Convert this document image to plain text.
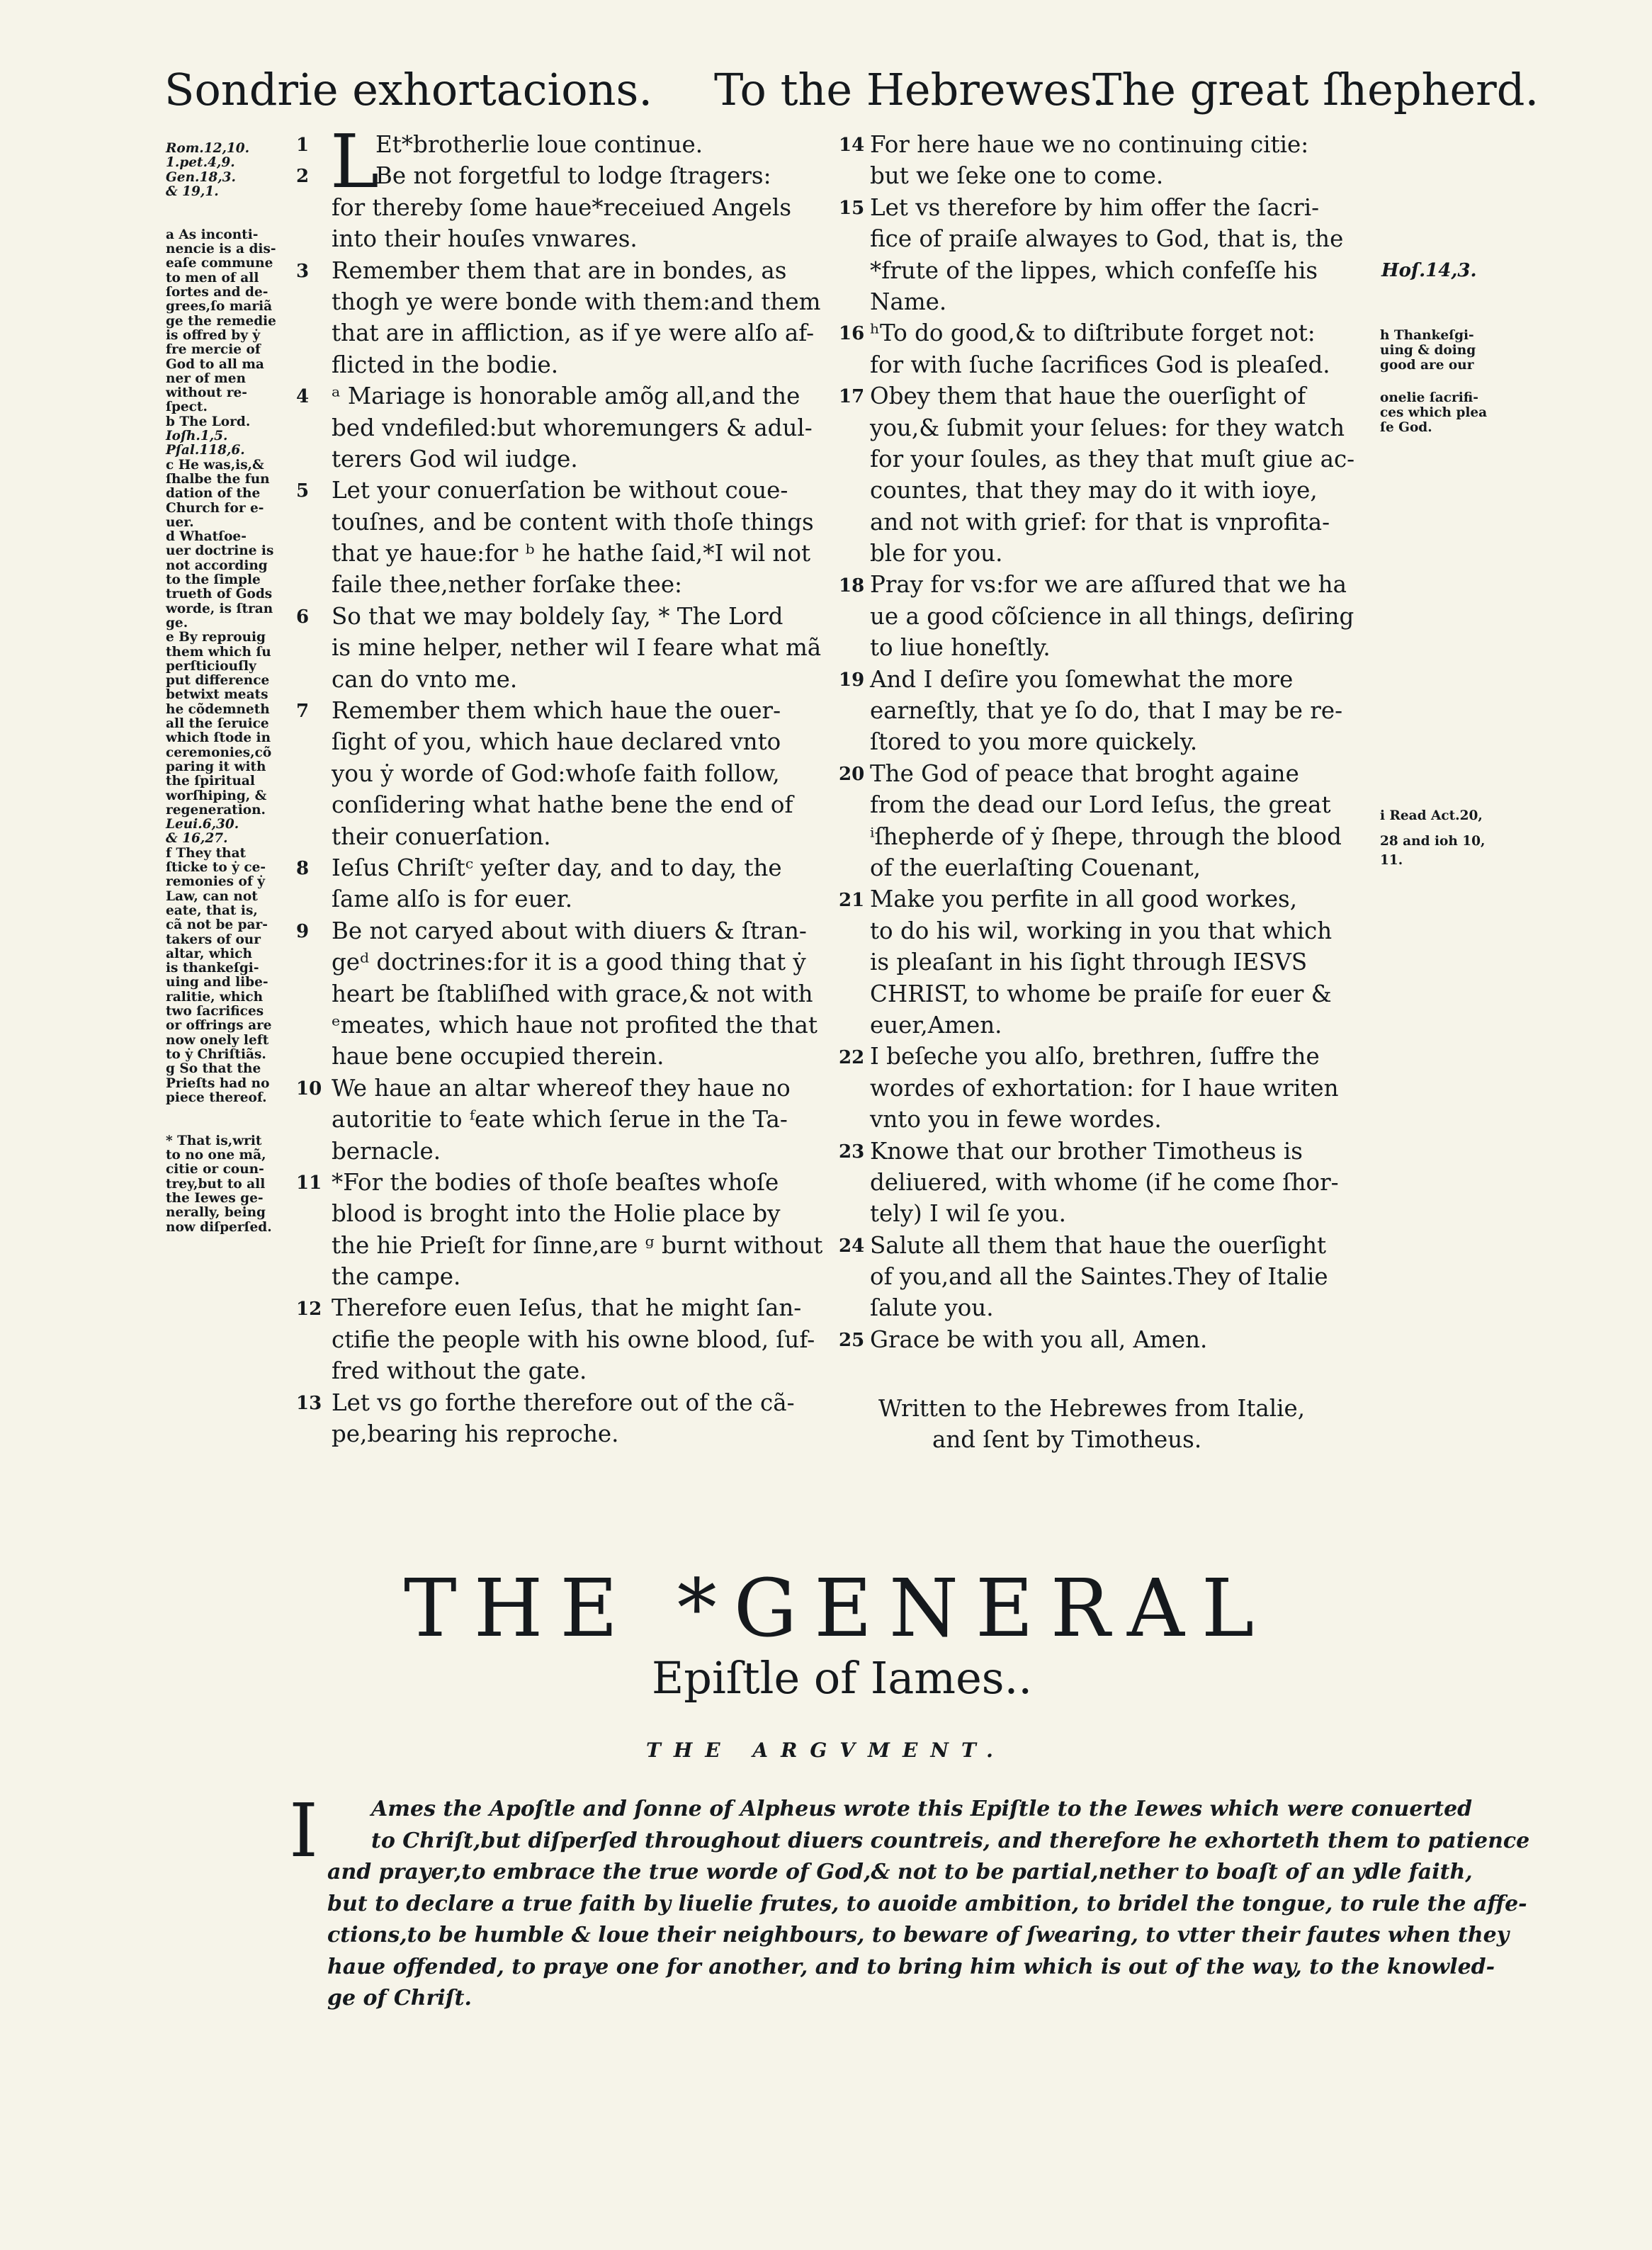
Sondrie exhortacions. To the Hebrewes.
The great ſhepherd.
Rom.12,10.
1.pet.4,9.
Gen.18,3.
& 19,1.
a As inconti-
nencie is a dis-
eaſe commune
to men of all
ſortes and de-
grees,ſo mariã
ge the remedie
is offred by ẏ
fre mercie of
God to all ma
ner of men
without re-
ſpect.
b The Lord.
Ioſh.1,5.
Pſal.118,6.
c He was,is,&
ſhalbe the fun
dation of the
Church for e-
uer.
d Whatſoe-
uer doctrine is
not according
to the ſimple
trueth of Gods
worde, is ſtran
ge.
e By reprouig
them which ſu
perſticiouſly
put difference
betwixt meats
he cõdemneth
all the ſeruice
which ſtode in
ceremonies,cõ
paring it with
the ſpiritual
worſhiping, &
regeneration.
Leui.6,30.
& 16,27.
f They that
ſticke to ẏ ce-
remonies of ẏ
Law, can not
eate, that is,
cã not be par-
takers of our
altar, which
is thankeſgi-
uing and libe-
ralitie, which
two ſacrifices
or offrings are
now onely left
to ẏ Chriſtiãs.
g So that the
Prieſts had no
piece thereof.
* That is,writ
to no one mã,
citie or coun-
trey,but to all
the Iewes ge-
nerally, being
now diſperſed.
1
2
3
4
5
6
7
8
9
10
11
12
13
L
Et*brotherlie loue continue.
Be not forgetful to lodge ſtragers:
for thereby ſome haue*receiued Angels
into their houſes vnwares.
Remember them that are in bondes, as
thogh ye were bonde with them:and them
that are in affliction, as if ye were alſo af-
flicted in the bodie.
ᵃ Mariage is honorable amõg all,and the
bed vndefiled:but whoremungers & adul-
terers God wil iudge.
Let your conuerſation be without coue-
touſnes, and be content with thoſe things
that ye haue:for ᵇ he hathe ſaid,*I wil not
faile thee,nether forſake thee:
So that we may boldely ſay, * The Lord
is mine helper, nether wil I feare what mã
can do vnto me.
Remember them which haue the ouer-
ſight of you, which haue declared vnto
you ẏ worde of God:whoſe faith follow,
conſidering what hathe bene the end of
their conuerſation.
Ieſus Chriſtᶜ yeſter day, and to day, the
ſame alſo is for euer.
Be not caryed about with diuers & ſtran-
geᵈ doctrines:for it is a good thing that ẏ
heart be ſtabliſhed with grace,& not with
ᵉmeates, which haue not profited the that
haue bene occupied therein.
We haue an altar whereof they haue no
autoritie to ᶠeate which ſerue in the Ta-
bernacle.
*For the bodies of thoſe beaſtes whoſe
blood is broght into the Holie place by
the hie Prieſt for ſinne,are ᵍ burnt without
the campe.
Therefore euen Ieſus, that he might ſan-
ctifie the people with his owne blood, ſuf-
fred without the gate.
Let vs go forthe therefore out of the cã-
pe,bearing his reproche.
14
15
16
17
18
19
20
21
22
23
24
25
For here haue we no continuing citie:
but we ſeke one to come.
Let vs therefore by him offer the ſacri-
fice of praiſe alwayes to God, that is, the
*frute of the lippes, which confeſſe his
Name.
ʰTo do good,& to diſtribute forget not:
for with ſuche ſacrifices God is pleaſed.
Obey them that haue the ouerſight of
you,& ſubmit your ſelues: for they watch
for your ſoules, as they that muſt giue ac-
countes, that they may do it with ioye,
and not with grief: for that is vnprofita-
ble for you.
Pray for vs:for we are aſſured that we ha
ue a good cõſcience in all things, deſiring
to liue honeſtly.
And I deſire you ſomewhat the more
earneſtly, that ye ſo do, that I may be re-
ſtored to you more quickely.
The God of peace that broght againe
from the dead our Lord Ieſus, the great
ⁱſhepherde of ẏ ſhepe, through the blood
of the euerlaſting Couenant,
Make you perfite in all good workes,
to do his wil, working in you that which
is pleaſant in his ſight through IESVS
CHRIST, to whome be praiſe for euer &
euer,Amen.
I beſeche you alſo, brethren, ſuffre the
wordes of exhortation: for I haue writen
vnto you in fewe wordes.
Knowe that our brother Timotheus is
deliuered, with whome (if he come ſhor-
tely) I wil ſe you.
Salute all them that haue the ouerſight
of you,and all the Saintes.They of Italie
ſalute you.
Grace be with you all, Amen.
Hoſ.14,3.
h Thankeſgi-
uing & doing
good are our
onelie ſacrifi-
ces which plea
ſe God.
i Read Act.20,
28 and ioh 10,
11.
Written to the Hebrewes from Italie,
and ſent by Timotheus.
THE *GENERAL
Epiſtle of Iames..
THE ARGVMENT.
I	Ames the Apoſtle and ſonne of Alpheus wrote this Epiſtle to the Iewes which were conuerted
to Chriſt,but diſperſed throughout diuers countreis, and therefore he exhorteth them to patience
and prayer,to embrace the true worde of God,& not to be partial,nether to boaſt of an ydle faith,
but to declare a true faith by liuelie frutes, to auoide ambition, to bridel the tongue, to rule the affe-
ctions,to be humble & loue their neighbours, to beware of ſwearing, to vtter their fautes when they
haue offended, to praye one for another, and to bring him which is out of the way, to the knowled-
ge of Chriſt.
